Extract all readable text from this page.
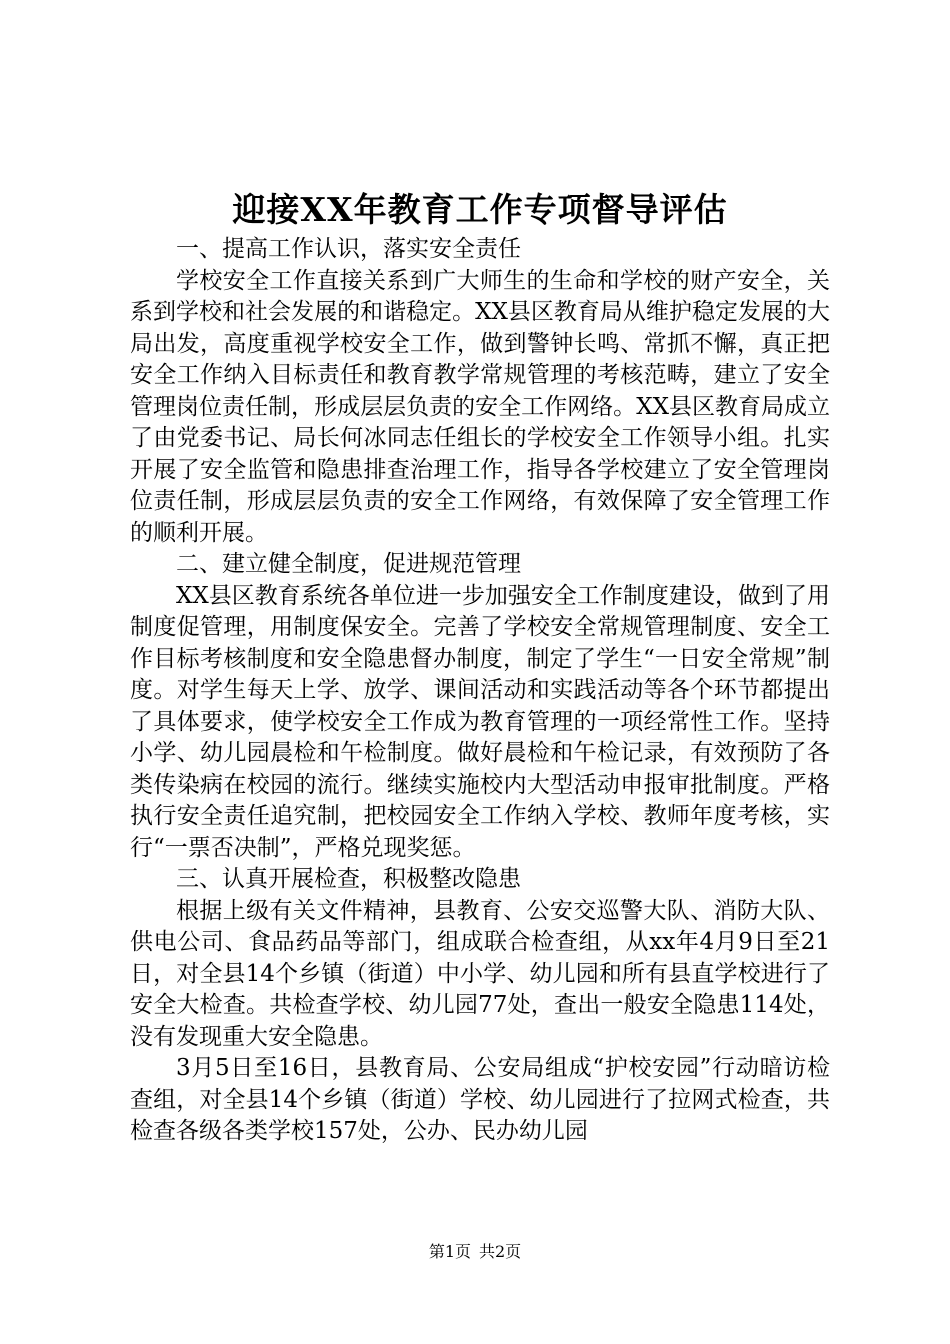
迎接XX年教育工作专项督导评估

一、提高工作认识，落实安全责任

学校安全工作直接关系到广大师生的生命和学校的财产安全，关系到学校和社会发展的和谐稳定。XX县区教育局从维护稳定发展的大局出发，高度重视学校安全工作，做到警钟长鸣、常抓不懈，真正把安全工作纳入目标责任和教育教学常规管理的考核范畴，建立了安全管理岗位责任制，形成层层负责的安全工作网络。XX县区教育局成立了由党委书记、局长何冰同志任组长的学校安全工作领导小组。扎实开展了安全监管和隐患排查治理工作，指导各学校建立了安全管理岗位责任制，形成层层负责的安全工作网络，有效保障了安全管理工作的顺利开展。

二、建立健全制度，促进规范管理

XX县区教育系统各单位进一步加强安全工作制度建设，做到了用制度促管理，用制度保安全。完善了学校安全常规管理制度、安全工作目标考核制度和安全隐患督办制度，制定了学生“一日安全常规”制度。对学生每天上学、放学、课间活动和实践活动等各个环节都提出了具体要求，使学校安全工作成为教育管理的一项经常性工作。坚持小学、幼儿园晨检和午检制度。做好晨检和午检记录，有效预防了各类传染病在校园的流行。继续实施校内大型活动申报审批制度。严格执行安全责任追究制，把校园安全工作纳入学校、教师年度考核，实行“一票否决制”，严格兑现奖惩。

三、认真开展检查，积极整改隐患

根据上级有关文件精神，县教育、公安交巡警大队、消防大队、供电公司、食品药品等部门，组成联合检查组，从xx年4月9日至21日，对全县14个乡镇（街道）中小学、幼儿园和所有县直学校进行了安全大检查。共检查学校、幼儿园77处，查出一般安全隐患114处，没有发现重大安全隐患。

3月5日至16日，县教育局、公安局组成“护校安园”行动暗访检查组，对全县14个乡镇（街道）学校、幼儿园进行了拉网式检查，共检查各级各类学校157处，公办、民办幼儿园

第1页 共2页
